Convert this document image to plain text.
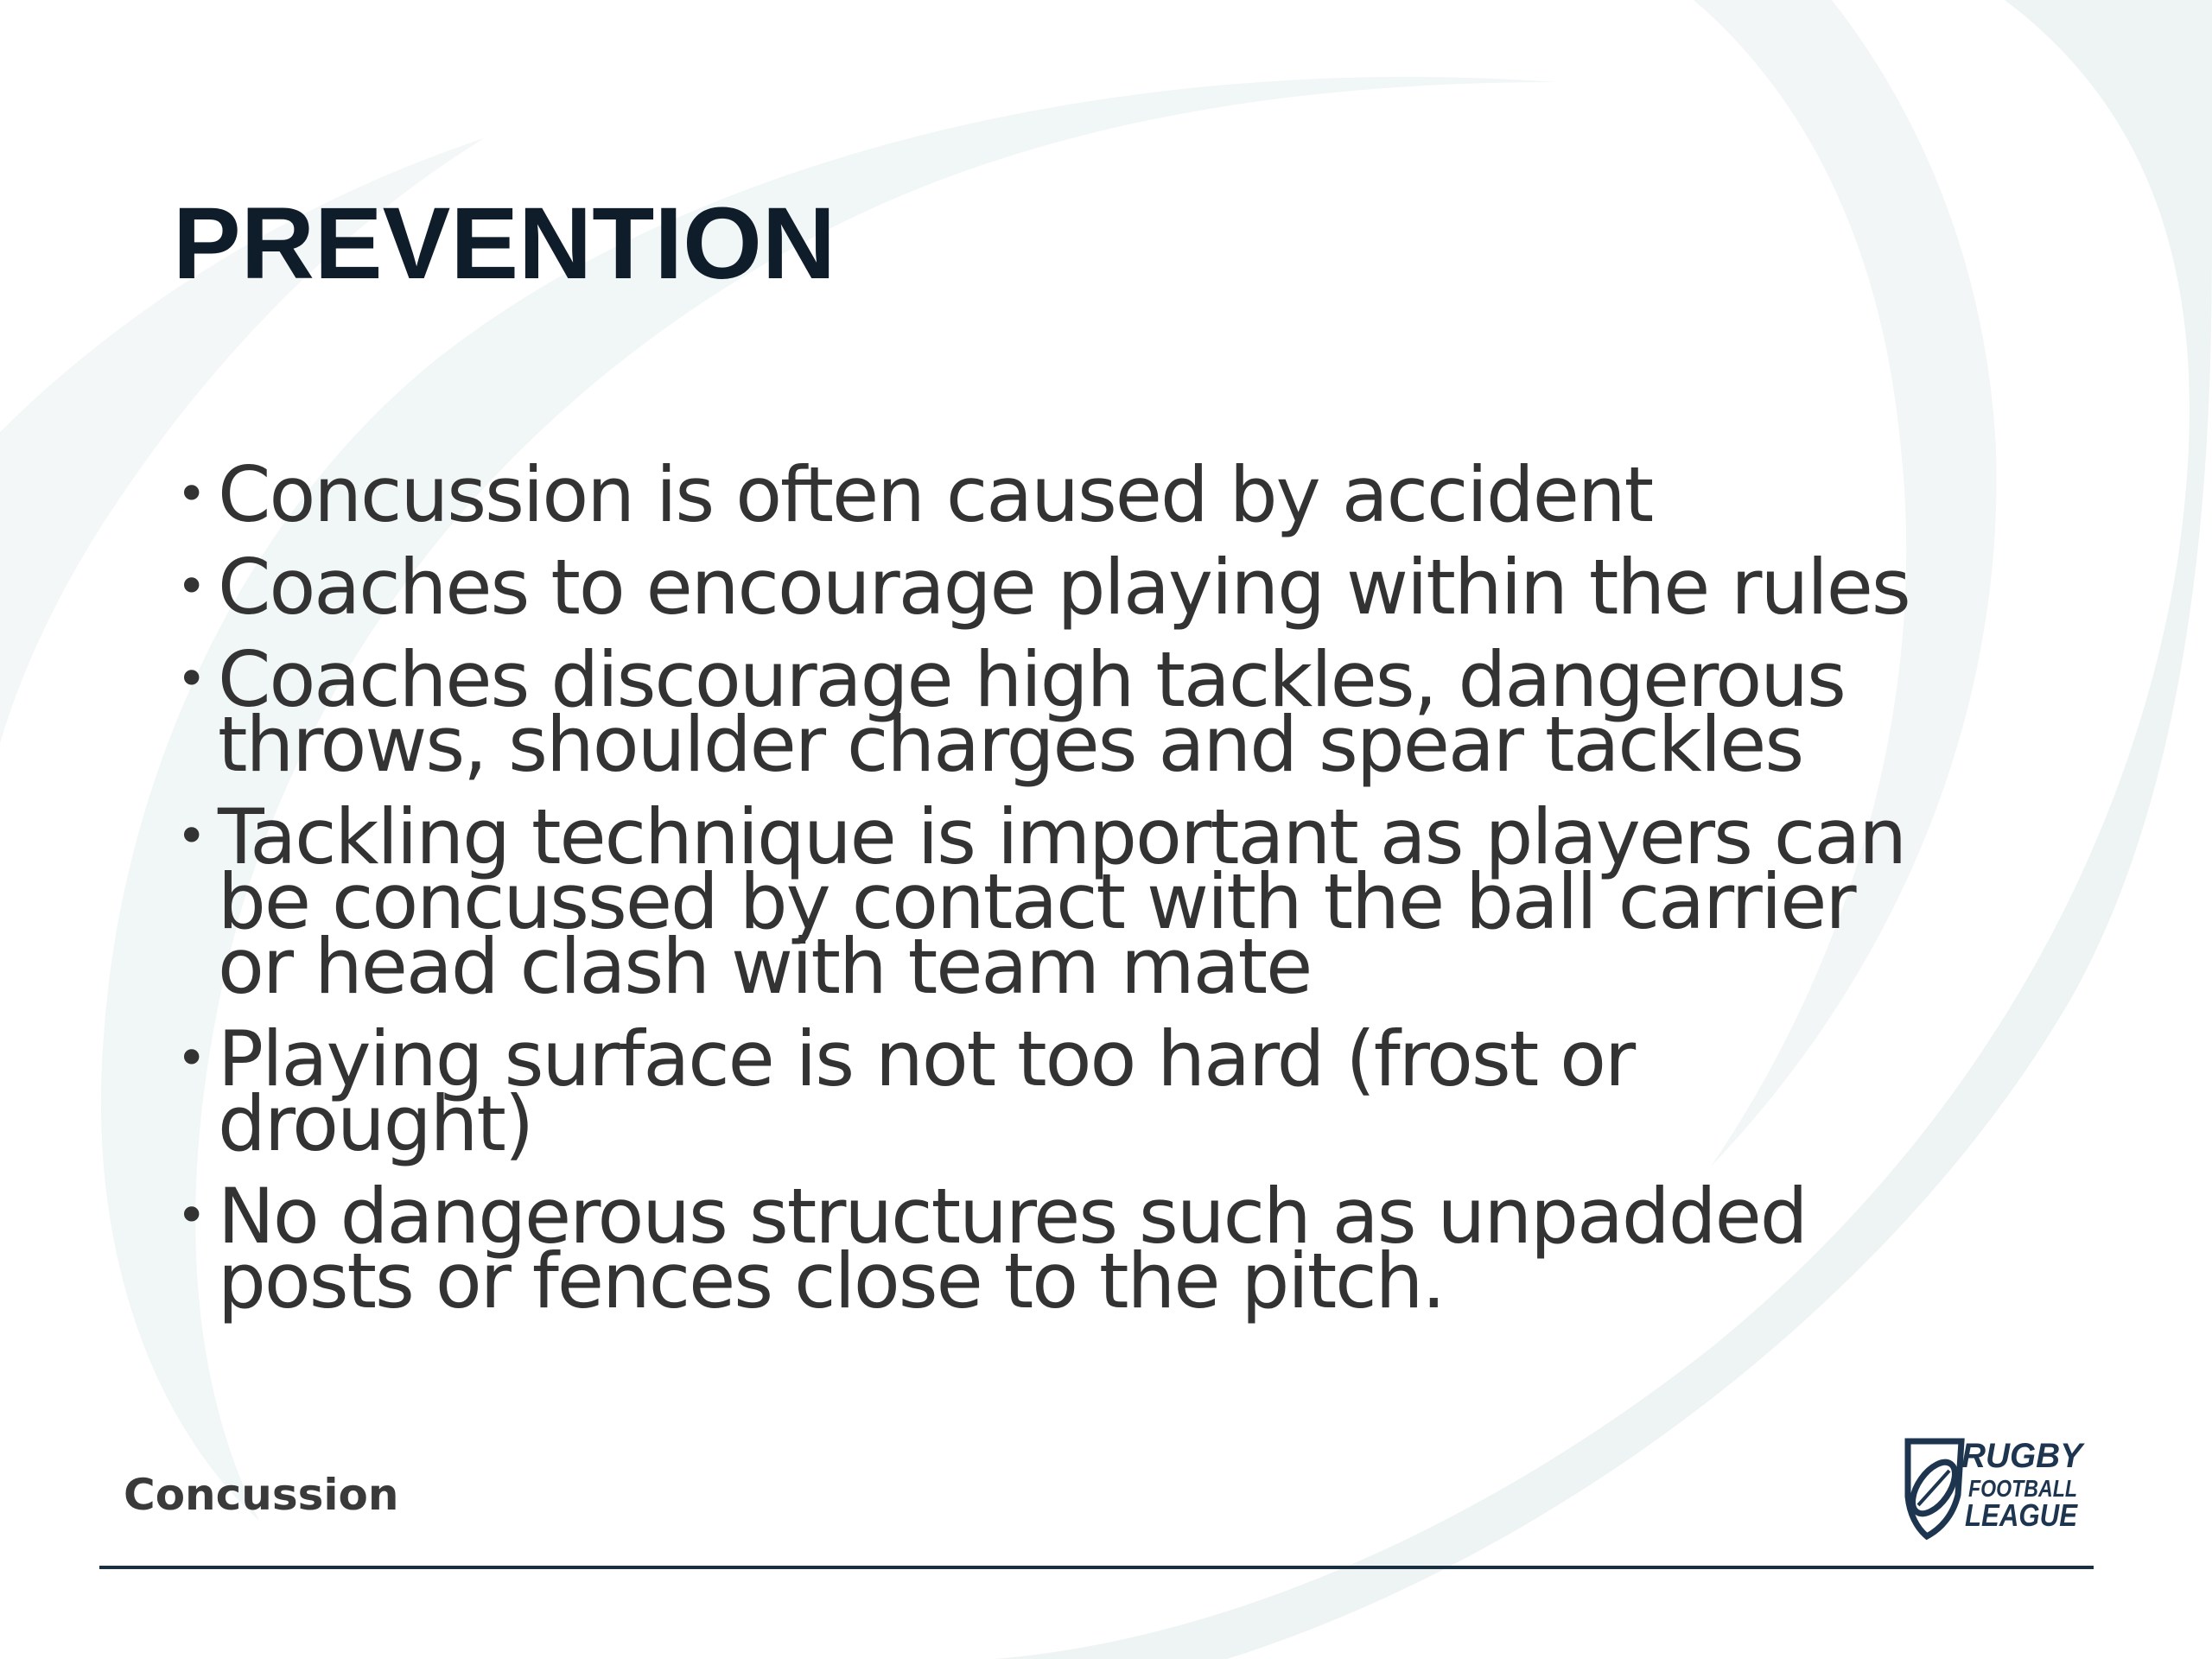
PREVENTION
• Concussion is often caused by accident
• Coaches to encourage playing within the rules
• Coaches discourage high tackles, dangerous
throws, shoulder charges and spear tackles
• Tackling technique is important as players can
be concussed by contact with the ball carrier
or head clash with team mate
• Playing surface is not too hard (frost or
drought)
• No dangerous structures such as unpadded
posts or fences close to the pitch.
Concussion
RUGBY
FOOTBALL
LEAGUE
